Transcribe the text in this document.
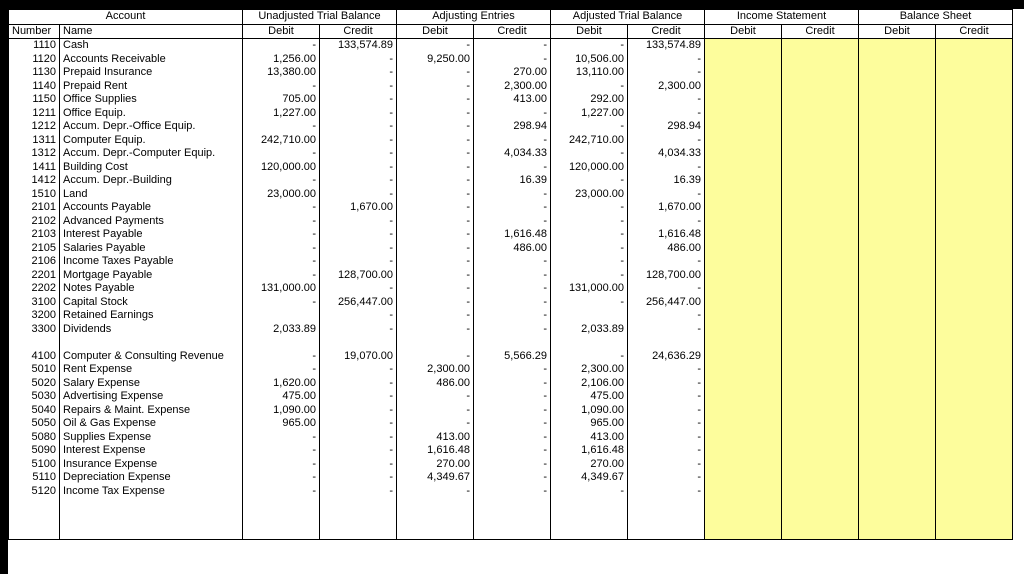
Account		Unadjusted Trial Balance		Adjusting Entries		Adjusted Trial Balance		Income Statement		Balance Sheet	
Number	Name	Debit	Credit	Debit	Credit	Debit	Credit	Debit	Credit	Debit	Credit
1110	Cash	-	133,574.89	-	-	-	133,574.89				
1120	Accounts Receivable	1,256.00	-	9,250.00	-	10,506.00	-				
1130	Prepaid Insurance	13,380.00	-	-	270.00	13,110.00	-				
1140	Prepaid Rent	-	-	-	2,300.00	-	2,300.00				
1150	Office Supplies	705.00	-	-	413.00	292.00	-				
1211	Office Equip.	1,227.00	-	-	-	1,227.00	-				
1212	Accum. Depr.-Office Equip.	-	-	-	298.94	-	298.94				
1311	Computer Equip.	242,710.00	-	-	-	242,710.00	-				
1312	Accum. Depr.-Computer Equip.	-	-	-	4,034.33	-	4,034.33				
1411	Building Cost	120,000.00	-	-	-	120,000.00	-				
1412	Accum. Depr.-Building	-	-	-	16.39	-	16.39				
1510	Land	23,000.00	-	-	-	23,000.00	-				
2101	Accounts Payable	-	1,670.00	-	-	-	1,670.00				
2102	Advanced Payments	-	-	-	-	-	-				
2103	Interest Payable	-	-	-	1,616.48	-	1,616.48				
2105	Salaries Payable	-	-	-	486.00	-	486.00				
2106	Income Taxes Payable	-	-	-	-	-	-				
2201	Mortgage Payable	-	128,700.00	-	-	-	128,700.00				
2202	Notes Payable	131,000.00	-	-	-	131,000.00	-				
3100	Capital Stock	-	256,447.00	-	-	-	256,447.00				
3200	Retained Earnings		-	-	-		-				
3300	Dividends	2,033.89	-	-	-	2,033.89	-				

4100	Computer & Consulting Revenue	-	19,070.00	-	5,566.29	-	24,636.29				
5010	Rent Expense	-	-	2,300.00	-	2,300.00	-				
5020	Salary Expense	1,620.00	-	486.00	-	2,106.00	-				
5030	Advertising Expense	475.00	-	-	-	475.00	-				
5040	Repairs & Maint. Expense	1,090.00	-	-	-	1,090.00	-				
5050	Oil & Gas Expense	965.00	-	-	-	965.00	-				
5080	Supplies Expense	-	-	413.00	-	413.00	-				
5090	Interest Expense	-	-	1,616.48	-	1,616.48	-				
5100	Insurance Expense	-	-	270.00	-	270.00	-				
5110	Depreciation Expense	-	-	4,349.67	-	4,349.67	-				
5120	Income Tax Expense	-	-	-	-	-	-				
